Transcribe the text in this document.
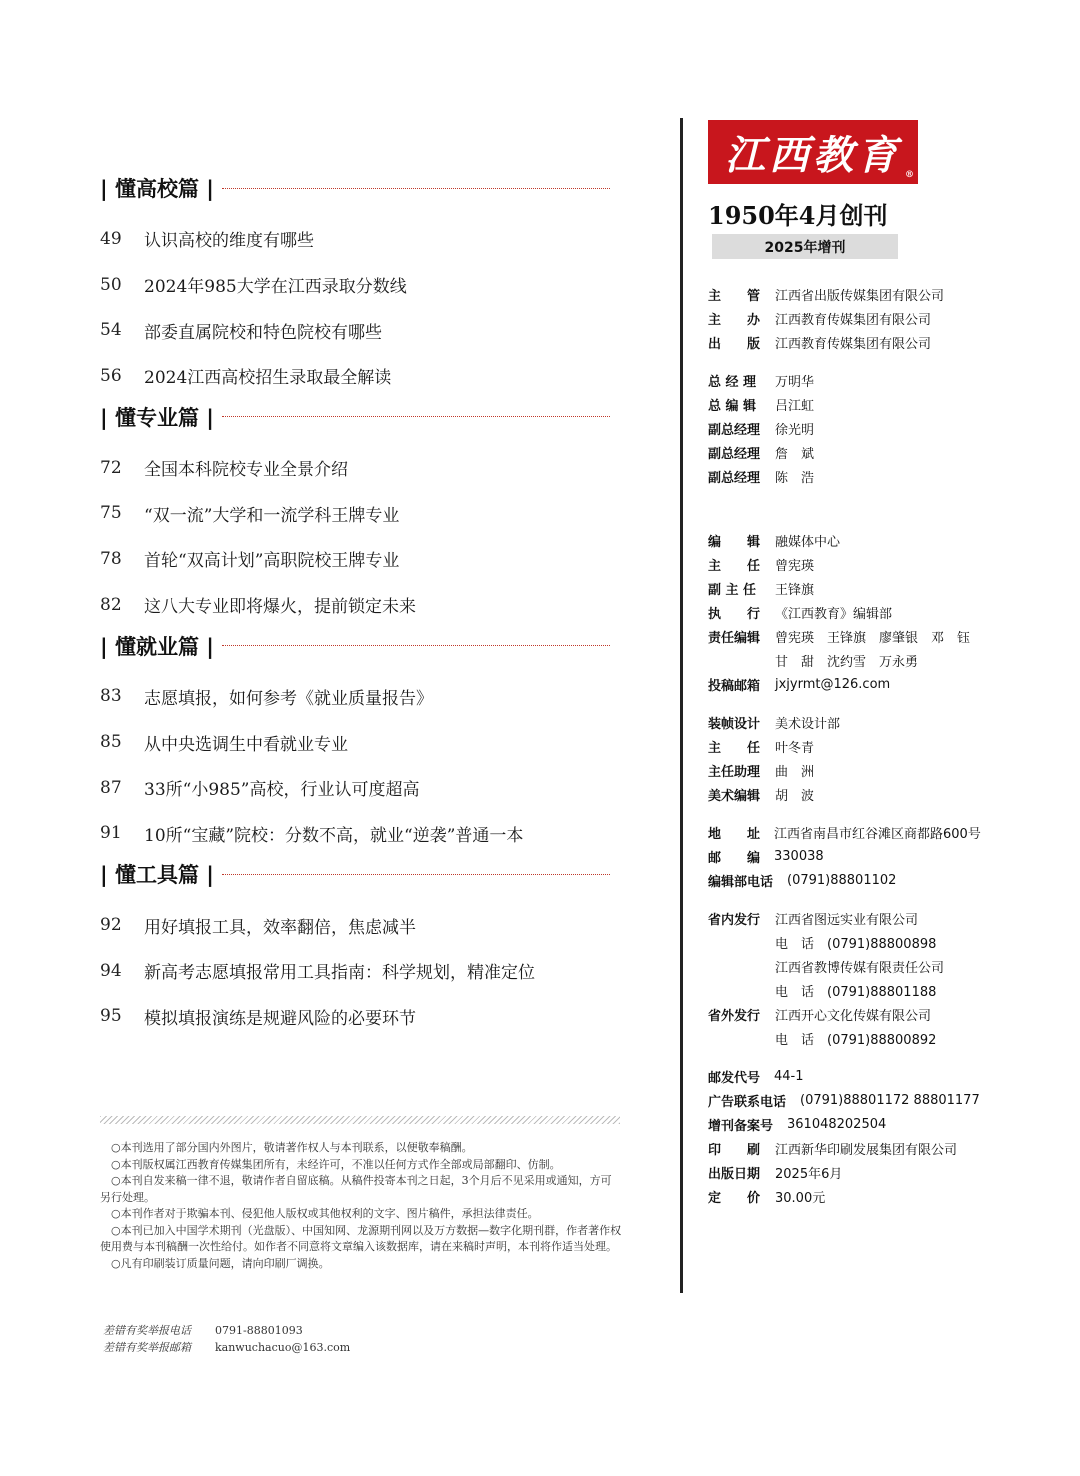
| 懂高校篇 |
49	认识高校的维度有哪些
50	2024年985大学在江西录取分数线
54	部委直属院校和特色院校有哪些
56	2024江西高校招生录取最全解读
| 懂专业篇 |
72	全国本科院校专业全景介绍
75	“双一流”大学和一流学科王牌专业
78	首轮“双高计划”高职院校王牌专业
82	这八大专业即将爆火，提前锁定未来
| 懂就业篇 |
83	志愿填报，如何参考《就业质量报告》
85	从中央选调生中看就业专业
87	33所“小985”高校，行业认可度超高
91	10所“宝藏”院校：分数不高，就业“逆袭”普通一本
| 懂工具篇 |
92	用好填报工具，效率翻倍，焦虑减半
94	新高考志愿填报常用工具指南：科学规划，精准定位
95	模拟填报演练是规避风险的必要环节

○本刊选用了部分国内外图片，敬请著作权人与本刊联系，以便敬奉稿酬。

○本刊版权属江西教育传媒集团所有，未经许可，不准以任何方式作全部或局部翻印、仿制。

○本刊自发来稿一律不退，敬请作者自留底稿。从稿件投寄本刊之日起，3个月后不见采用或通知，方可另行处理。

○本刊作者对于欺骗本刊、侵犯他人版权或其他权利的文字、图片稿件，承担法律责任。

○本刊已加入中国学术期刊（光盘版）、中国知网、龙源期刊网以及万方数据—数字化期刊群，作者著作权使用费与本刊稿酬一次性给付。如作者不同意将文章编入该数据库，请在来稿时声明，本刊将作适当处理。

○凡有印刷装订质量问题，请向印刷厂调换。

差错有奖举报电话 0791-88801093
差错有奖举报邮箱 kanwuchacuo@163.com
江西教育 ®
1950年4月创刊
2025年增刊
主　　管	江西省出版传媒集团有限公司
主　　办	江西教育传媒集团有限公司
出　　版	江西教育传媒集团有限公司
总 经 理	万明华
总 编 辑	吕江虹
副总经理	徐光明
副总经理	詹　斌
副总经理	陈　浩
编　　辑	融媒体中心
主　　任	曾宪瑛
副 主 任	王锋旗
执　　行	《江西教育》编辑部
责任编辑	曾宪瑛　王锋旗　廖肇银　邓　钰
甘　甜　沈约雪　万永勇
投稿邮箱	jxjyrmt@126.com
装帧设计	美术设计部
主　　任	叶冬青
主任助理	曲　洲
美术编辑	胡　波
地　　址 江西省南昌市红谷滩区商都路600号
邮　　编 330038
编辑部电话 (0791)88801102
省内发行	江西省图远实业有限公司
电　话　(0791)88800898
江西省教博传媒有限责任公司
电　话　(0791)88801188
省外发行	江西开心文化传媒有限公司
电　话　(0791)88800892
邮发代号 44-1
广告联系电话 (0791)88801172 88801177
增刊备案号 361048202504
印　　刷	江西新华印刷发展集团有限公司
出版日期	2025年6月
定　　价	30.00元
